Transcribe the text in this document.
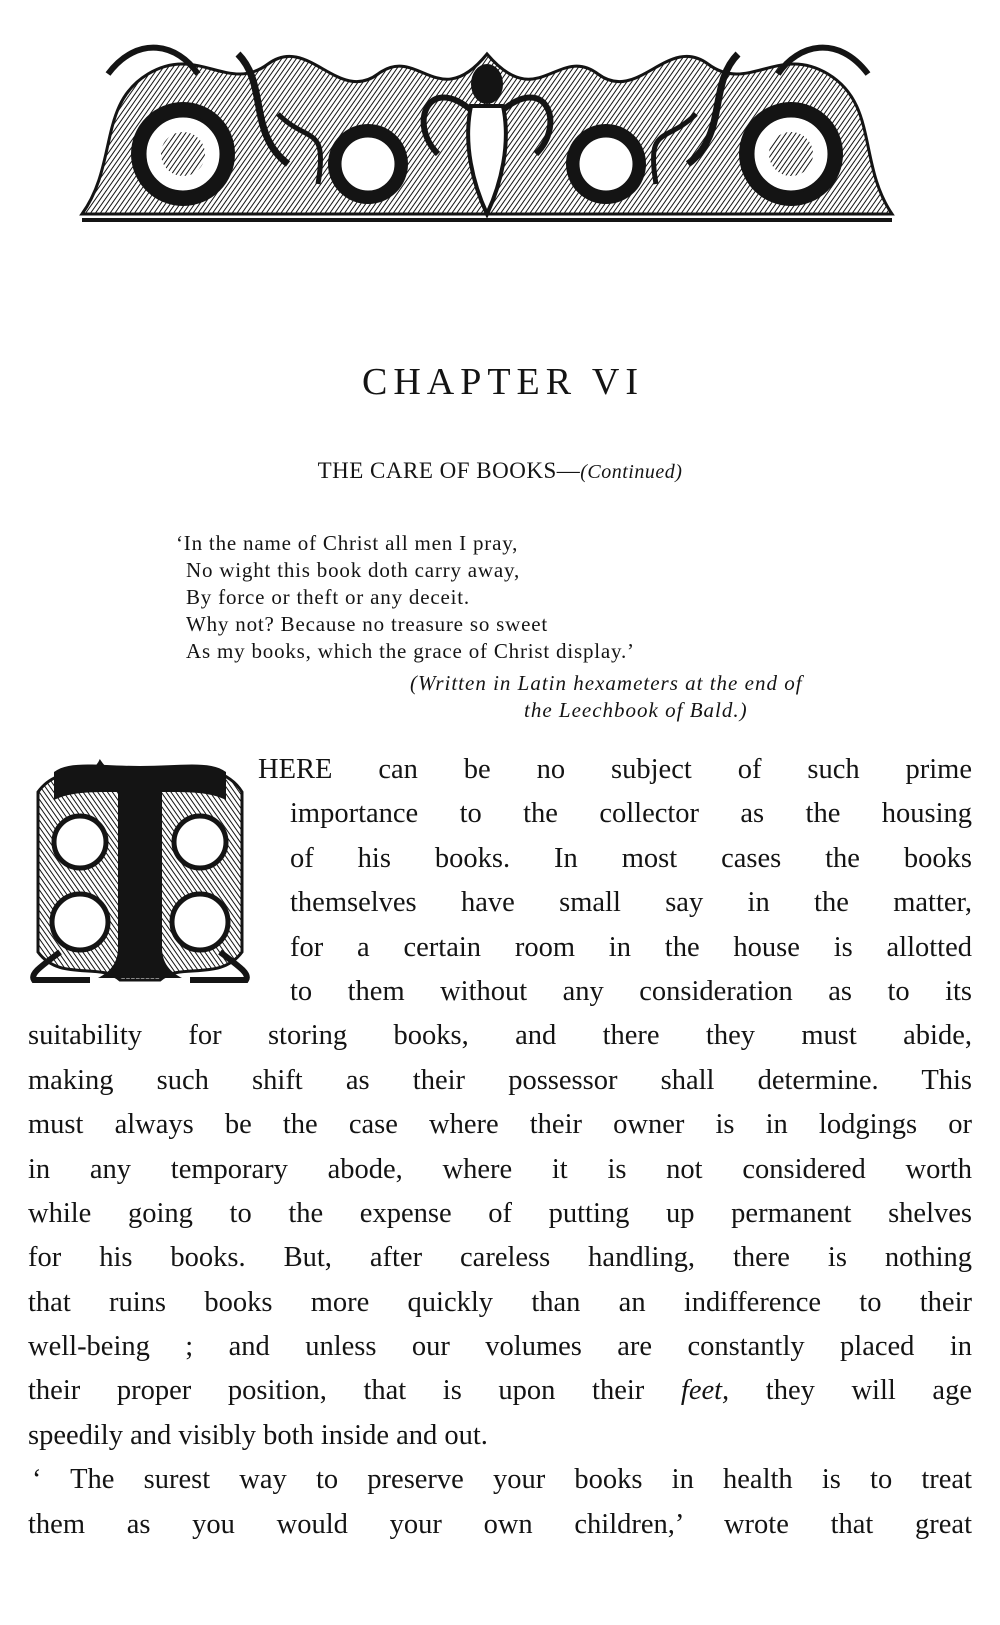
CHAPTER VI
THE CARE OF BOOKS—(Continued)
‘In the name of Christ all men I pray,
No wight this book doth carry away,
By force or theft or any deceit.
Why not? Because no treasure so sweet
As my books, which the grace of Christ display.’
(Written in Latin hexameters at the end of
the Leechbook of Bald.)
HERE can be no subject of such prime
importance to the collector as the housing
of his books. In most cases the books
themselves have small say in the matter,
for a certain room in the house is allotted
to them without any consideration as to its
suitability for storing books, and there they must abide,
making such shift as their possessor shall determine. This
must always be the case where their owner is in lodgings or
in any temporary abode, where it is not considered worth
while going to the expense of putting up permanent shelves
for his books. But, after careless handling, there is nothing
that ruins books more quickly than an indifference to their
well-being ; and unless our volumes are constantly placed in
their proper position, that is upon their feet, they will age
speedily and visibly both inside and out.
‘ The surest way to preserve your books in health is to treat
them as you would your own children,’ wrote that great
